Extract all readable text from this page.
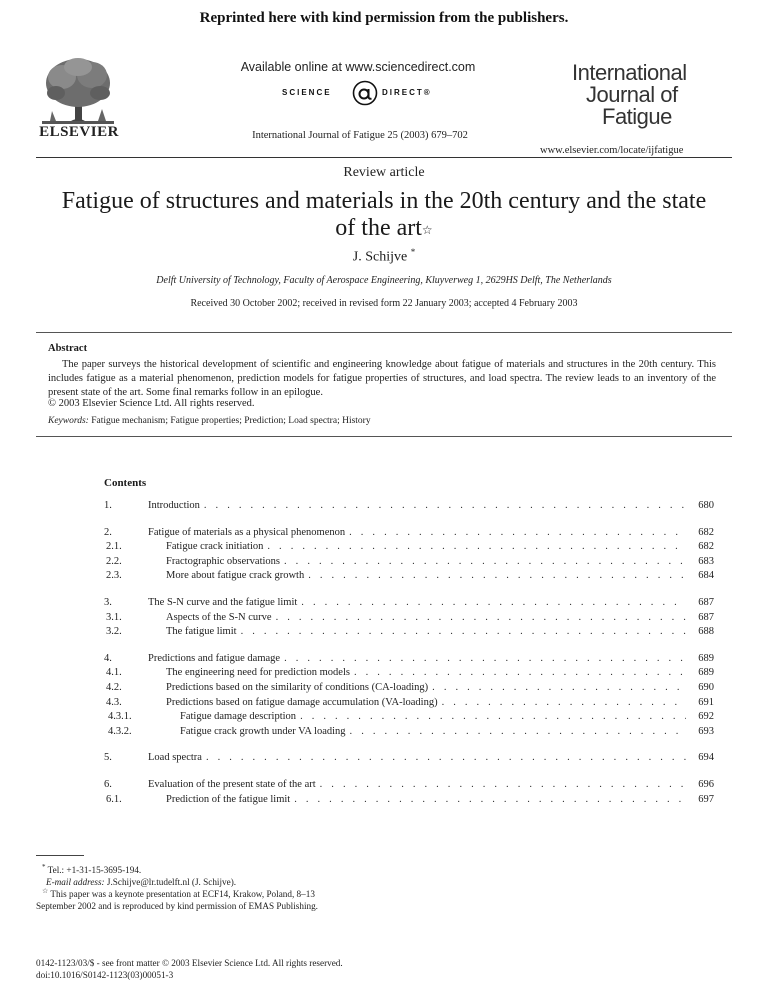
Reprinted here with kind permission from the publishers.
ELSEVIER
Available online at www.sciencedirect.com
SCIENCE	DIRECT®
International Journal of Fatigue 25 (2003) 679–702
International
Journal of
Fatigue
www.elsevier.com/locate/ijfatigue
Review article
Fatigue of structures and materials in the 20th century and the state of the art☆
J. Schijve *
Delft University of Technology, Faculty of Aerospace Engineering, Kluyverweg 1, 2629HS Delft, The Netherlands
Received 30 October 2002; received in revised form 22 January 2003; accepted 4 February 2003
Abstract
The paper surveys the historical development of scientific and engineering knowledge about fatigue of materials and structures in the 20th century. This includes fatigue as a material phenomenon, prediction models for fatigue properties of structures, and load spectra. The review leads to an inventory of the present state of the art. Some final remarks follow in an epilogue.
© 2003 Elsevier Science Ltd. All rights reserved.
Keywords: Fatigue mechanism; Fatigue properties; Prediction; Load spectra; History
Contents
1.	Introduction . . .	680
2.	Fatigue of materials as a physical phenomenon . . .	682
2.1.	Fatigue crack initiation . . .	682
2.2.	Fractographic observations . . .	683
2.3.	More about fatigue crack growth . . .	684
3.	The S-N curve and the fatigue limit . . .	687
3.1.	Aspects of the S-N curve . . .	687
3.2.	The fatigue limit . . .	688
4.	Predictions and fatigue damage . . .	689
4.1.	The engineering need for prediction models . . .	689
4.2.	Predictions based on the similarity of conditions (CA-loading) . . .	690
4.3.	Predictions based on fatigue damage accumulation (VA-loading) . . .	691
4.3.1.	Fatigue damage description . . .	692
4.3.2.	Fatigue crack growth under VA loading . . .	693
5.	Load spectra . . .	694
6.	Evaluation of the present state of the art . . .	696
6.1.	Prediction of the fatigue limit . . .	697
* Tel.: +1-31-15-3695-194.
E-mail address: J.Schijve@lr.tudelft.nl (J. Schijve).
☆ This paper was a keynote presentation at ECF14, Krakow, Poland, 8–13 September 2002 and is reproduced by kind permission of EMAS Publishing.
0142-1123/03/$ - see front matter © 2003 Elsevier Science Ltd. All rights reserved.
doi:10.1016/S0142-1123(03)00051-3
